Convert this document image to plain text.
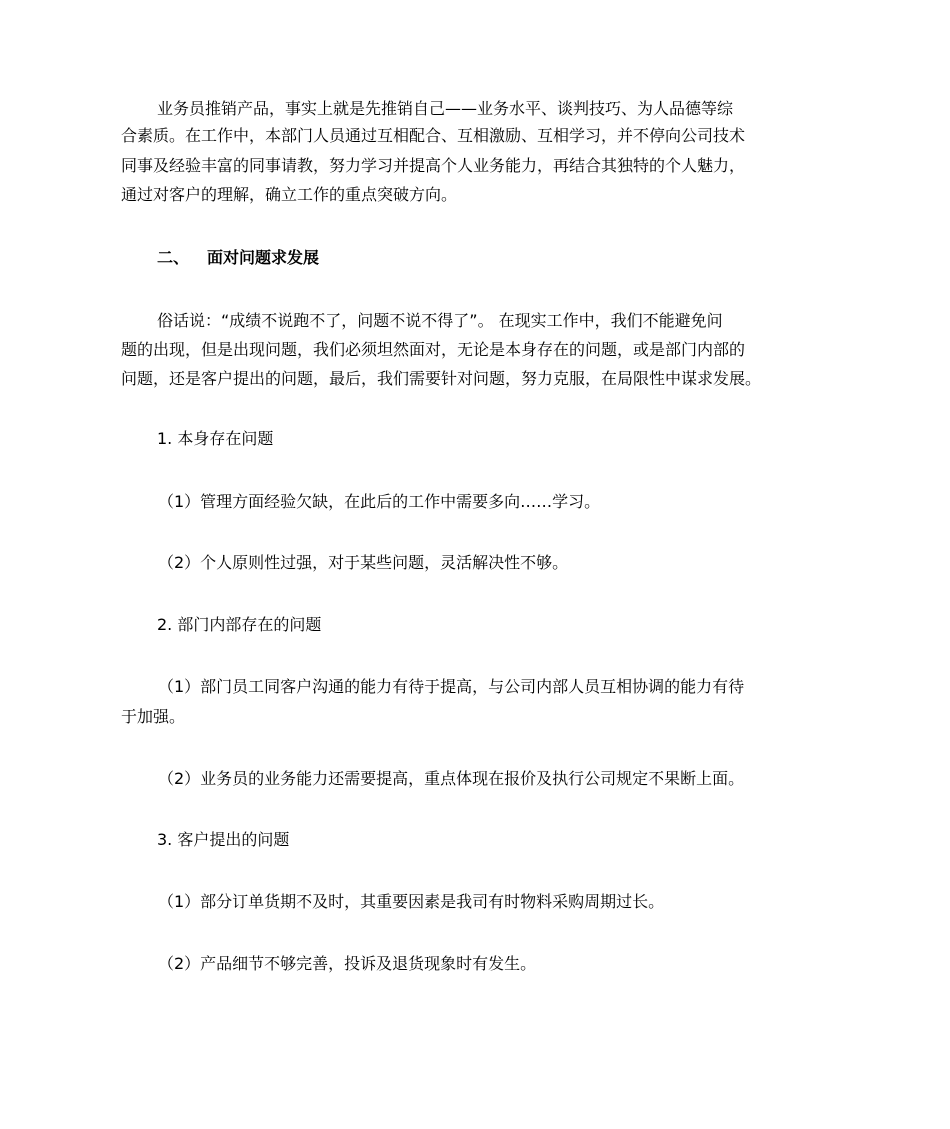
业务员推销产品，事实上就是先推销自己——业务水平、谈判技巧、为人品德等综
合素质。在工作中，本部门人员通过互相配合、互相激励、互相学习，并不停向公司技术
同事及经验丰富的同事请教，努力学习并提高个人业务能力，再结合其独特的个人魅力，
通过对客户的理解，确立工作的重点突破方向。
二、	面对问题求发展
俗话说：“成绩不说跑不了，问题不说不得了”。 在现实工作中，我们不能避免问
题的出现，但是出现问题，我们必须坦然面对，无论是本身存在的问题，或是部门内部的
问题，还是客户提出的问题，最后，我们需要针对问题，努力克服，在局限性中谋求发展。
1. 本身存在问题
（1）管理方面经验欠缺，在此后的工作中需要多向……学习。
（2）个人原则性过强，对于某些问题，灵活解决性不够。
2. 部门内部存在的问题
（1）部门员工同客户沟通的能力有待于提高，与公司内部人员互相协调的能力有待
于加强。
（2）业务员的业务能力还需要提高，重点体现在报价及执行公司规定不果断上面。
3. 客户提出的问题
（1）部分订单货期不及时，其重要因素是我司有时物料采购周期过长。
（2）产品细节不够完善，投诉及退货现象时有发生。
